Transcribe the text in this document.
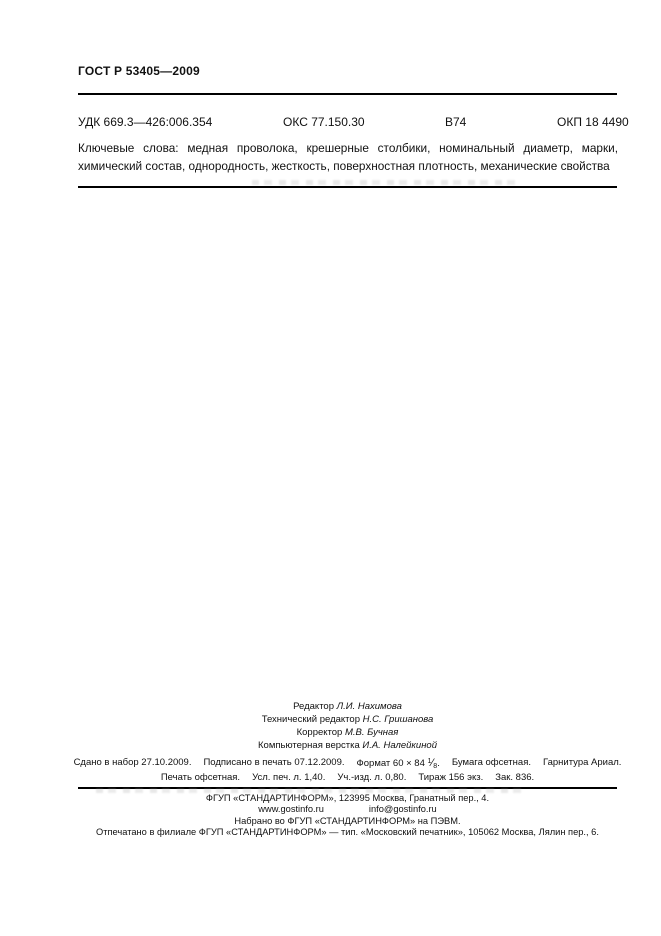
ГОСТ Р 53405—2009
УДК 669.3—426:006.354	ОКС 77.150.30	В74	ОКП 18 4490
Ключевые слова: медная проволока, крешерные столбики, номинальный диаметр, марки, химический состав, однородность, жесткость, поверхностная плотность, механические свойства
Редактор Л.И. Нахимова
Технический редактор Н.С. Гришанова
Корректор М.В. Бучная
Компьютерная верстка И.А. Налейкиной
Сдано в набор 27.10.2009. Подписано в печать 07.12.2009. Формат 60 × 84 $^1⁄_8$. Бумага офсетная. Гарнитура Ариал.
Печать офсетная. Усл. печ. л. 1,40. Уч.-изд. л. 0,80. Тираж 156 экз. Зак. 836.
ФГУП «СТАНДАРТИНФОРМ», 123995 Москва, Гранатный пер., 4.
www.gostinfo.ru	info@gostinfo.ru
Набрано во ФГУП «СТАНДАРТИНФОРМ» на ПЭВМ.
Отпечатано в филиале ФГУП «СТАНДАРТИНФОРМ» — тип. «Московский печатник», 105062 Москва, Лялин пер., 6.
